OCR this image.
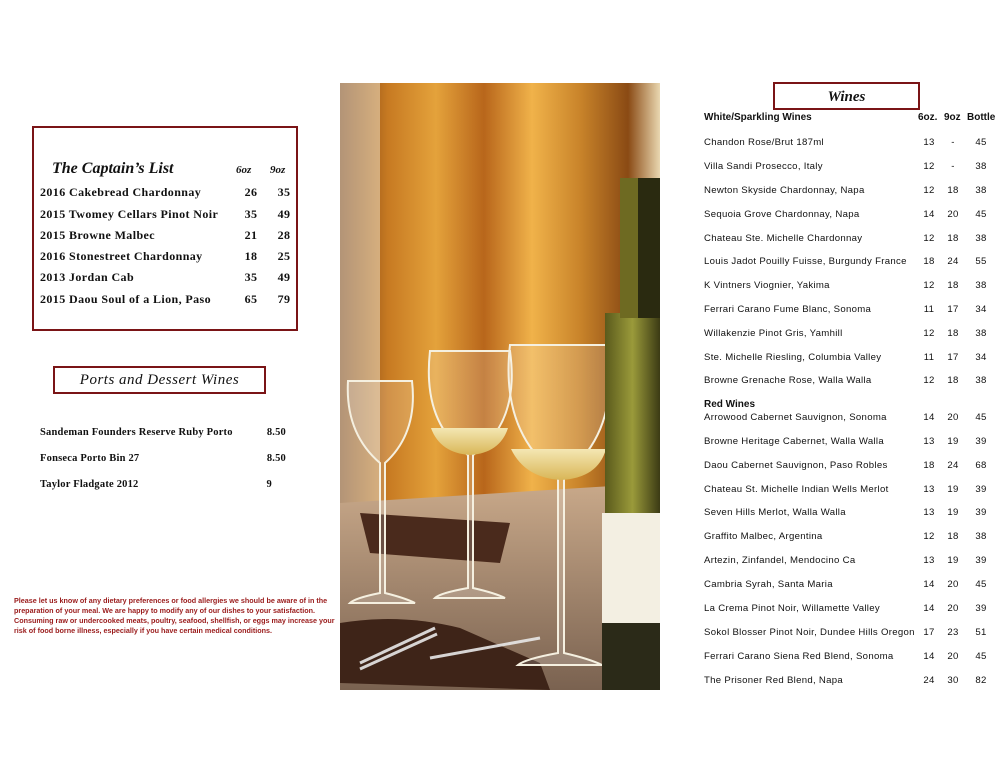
The Captain’s List	6oz 9oz
2016 Cakebread Chardonnay	26	35
2015 Twomey Cellars Pinot Noir	35	49
2015 Browne Malbec	21	28
2016 Stonestreet Chardonnay	18	25
2013 Jordan Cab	35	49
2015 Daou Soul of a Lion, Paso	65	79
Ports and Dessert Wines
Sandeman Founders Reserve Ruby Porto	8.50
Fonseca Porto Bin 27	8.50
Taylor Fladgate 2012	9
Please let us know of any dietary preferences or food allergies we should be aware of in the preparation of your meal. We are happy to modify any of our dishes to your satisfaction. Consuming raw or undercooked meats, poultry, seafood, shellfish, or eggs may increase your risk of food borne illness, especially if you have certain medical conditions.
Wines
White/Sparkling Wines	6oz. 9oz Bottle
Chandon Rose/Brut 187ml	13	-	45
Villa Sandi Prosecco, Italy	12	-	38
Newton Skyside Chardonnay, Napa	12	18	38
Sequoia Grove Chardonnay, Napa	14	20	45
Chateau Ste. Michelle Chardonnay	12	18	38
Louis Jadot Pouilly Fuisse, Burgundy France	18	24	55
K Vintners Viognier, Yakima	12	18	38
Ferrari Carano Fume Blanc, Sonoma	11	17	34
Willakenzie Pinot Gris, Yamhill	12	18	38
Ste. Michelle Riesling, Columbia Valley	11	17	34
Browne Grenache Rose, Walla Walla	12	18	38
Red Wines
Arrowood Cabernet Sauvignon, Sonoma	14	20	45
Browne Heritage Cabernet, Walla Walla	13	19	39
Daou Cabernet Sauvignon, Paso Robles	18	24	68
Chateau St. Michelle Indian Wells Merlot	13	19	39
Seven Hills Merlot, Walla Walla	13	19	39
Graffito Malbec, Argentina	12	18	38
Artezin, Zinfandel, Mendocino Ca	13	19	39
Cambria Syrah, Santa Maria	14	20	45
La Crema Pinot Noir, Willamette Valley	14	20	39
Sokol Blosser Pinot Noir, Dundee Hills Oregon 17	23	51
Ferrari Carano Siena Red Blend, Sonoma	14	20	45
The Prisoner Red Blend, Napa	24	30	82
